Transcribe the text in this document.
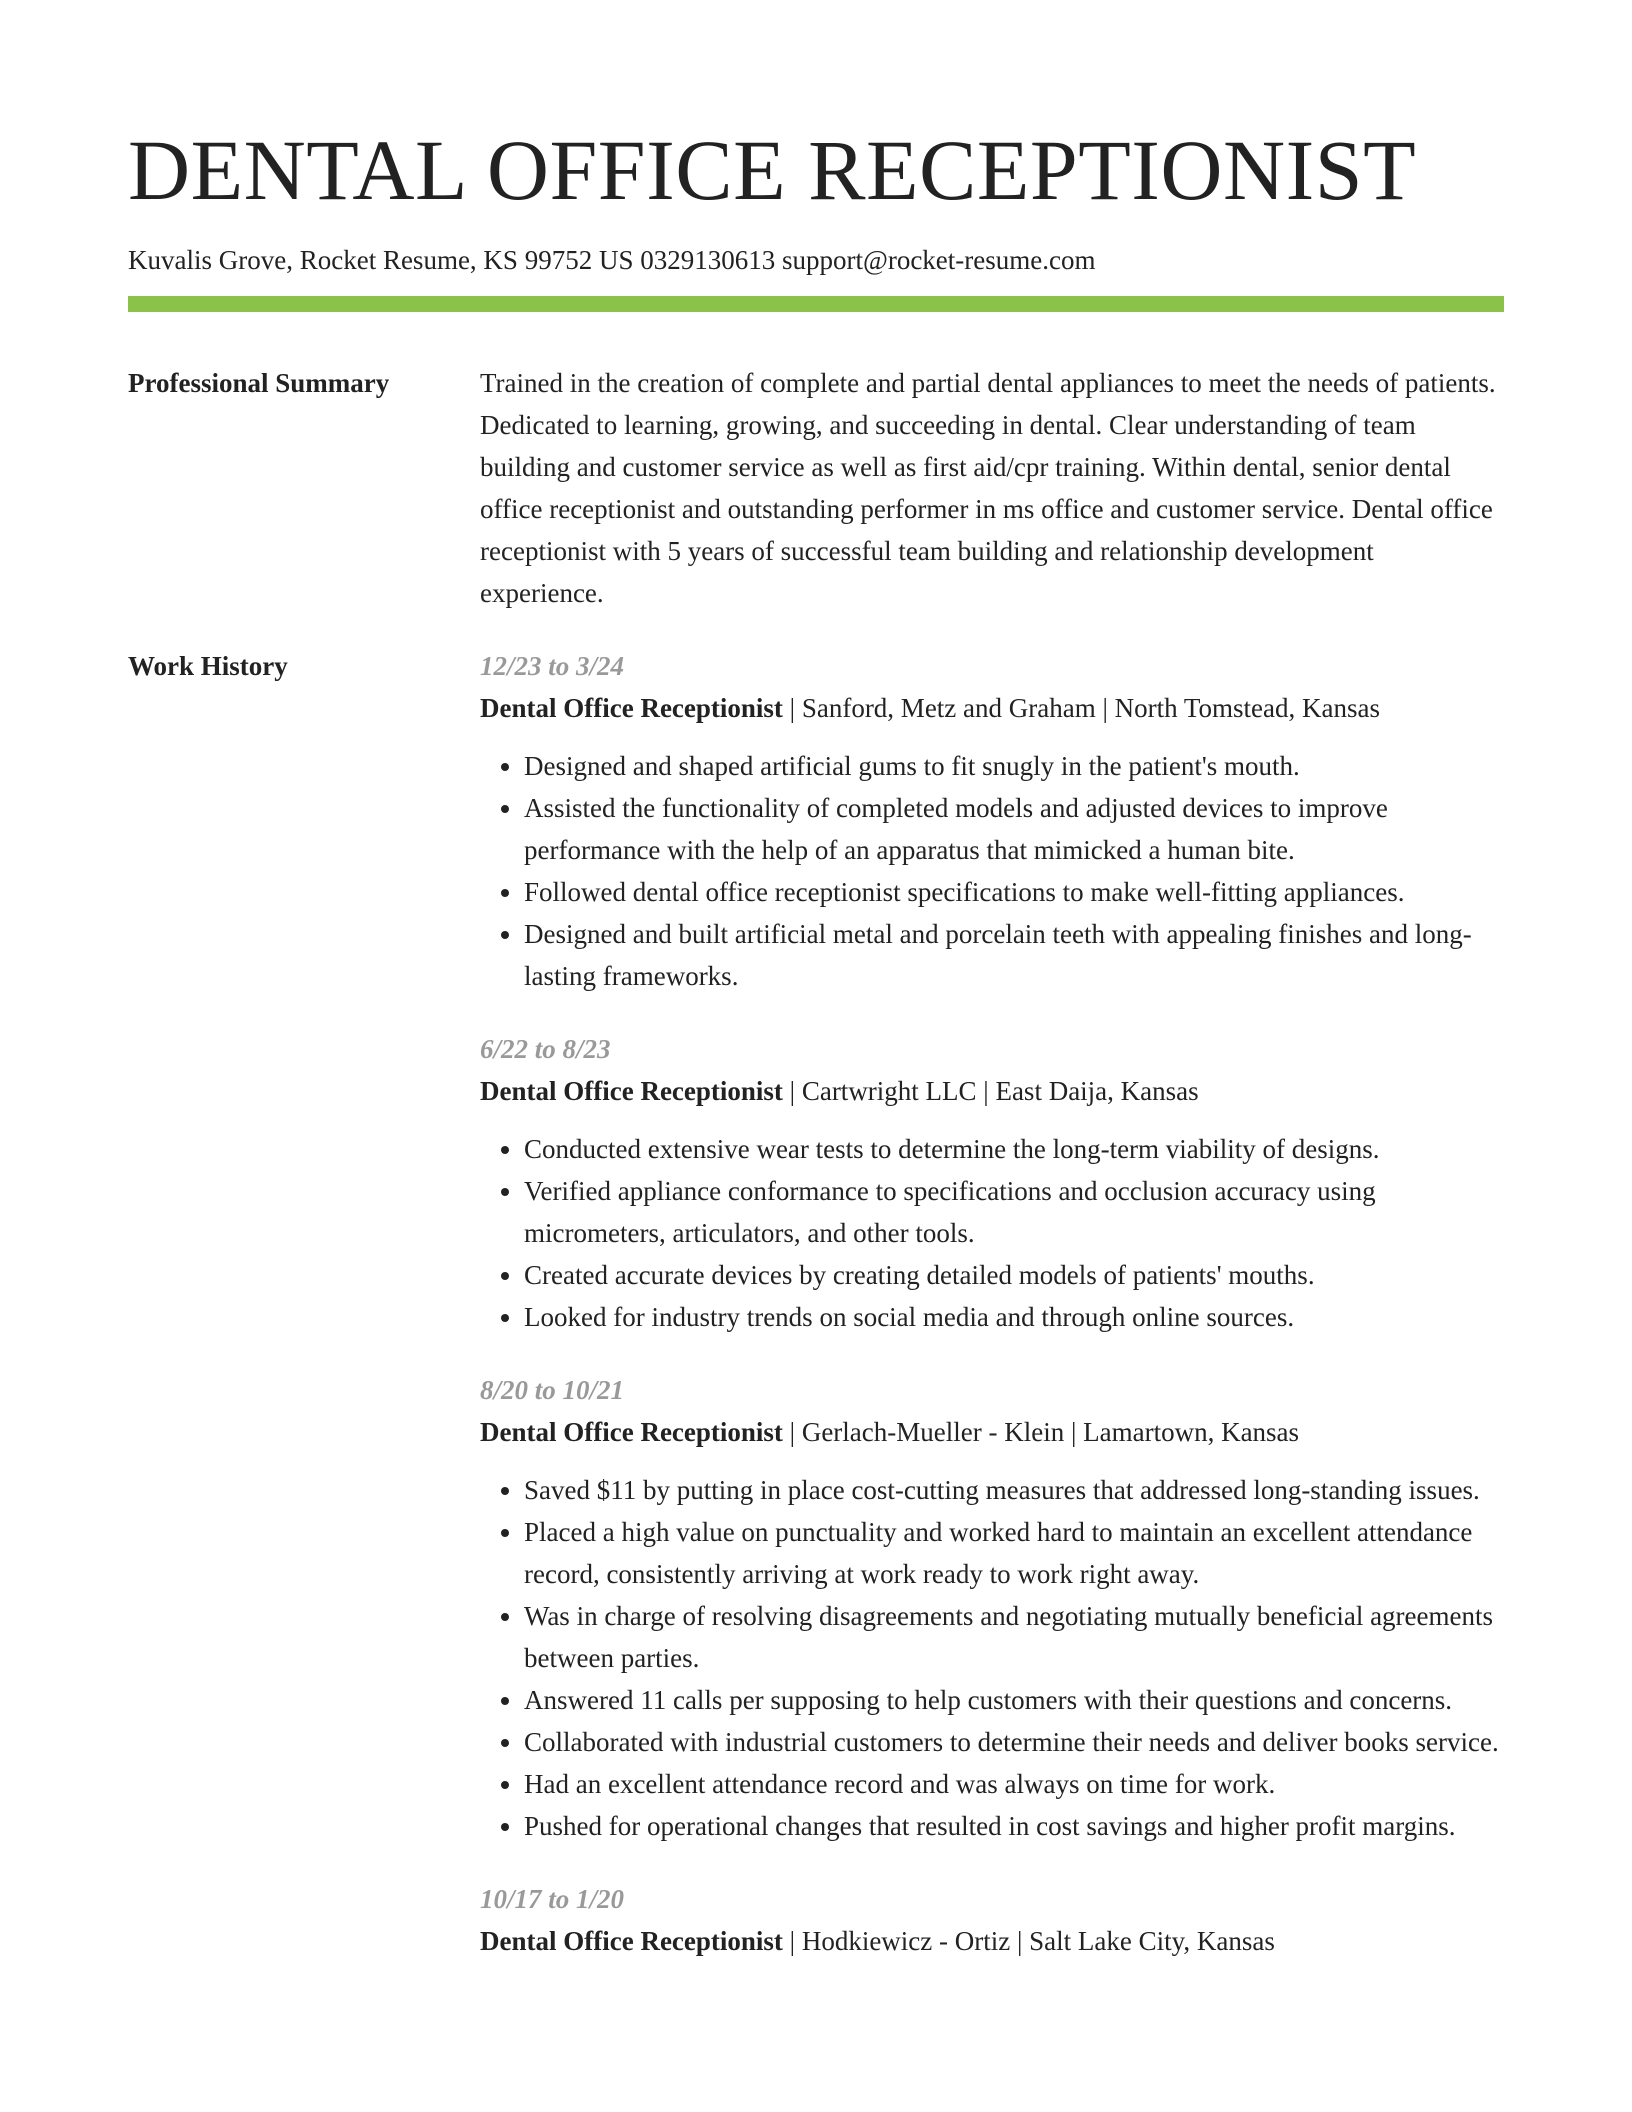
DENTAL OFFICE RECEPTIONIST
Kuvalis Grove, Rocket Resume, KS 99752 US 0329130613 support@rocket-resume.com
Professional Summary	Trained in the creation of complete and partial dental appliances to meet the needs of patients. Dedicated to learning, growing, and succeeding in dental. Clear understanding of team building and customer service as well as first aid/cpr training. Within dental, senior dental office receptionist and outstanding performer in ms office and customer service. Dental office receptionist with 5 years of successful team building and relationship development experience.

Work History	12/23 to 3/24
Dental Office Receptionist | Sanford, Metz and Graham | North Tomstead, Kansas
• Designed and shaped artificial gums to fit snugly in the patient's mouth.
• Assisted the functionality of completed models and adjusted devices to improve performance with the help of an apparatus that mimicked a human bite.
• Followed dental office receptionist specifications to make well-fitting appliances.
• Designed and built artificial metal and porcelain teeth with appealing finishes and long-lasting frameworks.
6/22 to 8/23
Dental Office Receptionist | Cartwright LLC | East Daija, Kansas
• Conducted extensive wear tests to determine the long-term viability of designs.
• Verified appliance conformance to specifications and occlusion accuracy using micrometers, articulators, and other tools.
• Created accurate devices by creating detailed models of patients' mouths.
• Looked for industry trends on social media and through online sources.
8/20 to 10/21
Dental Office Receptionist | Gerlach-Mueller - Klein | Lamartown, Kansas
• Saved $11 by putting in place cost-cutting measures that addressed long-standing issues.
• Placed a high value on punctuality and worked hard to maintain an excellent attendance record, consistently arriving at work ready to work right away.
• Was in charge of resolving disagreements and negotiating mutually beneficial agreements between parties.
• Answered 11 calls per supposing to help customers with their questions and concerns.
• Collaborated with industrial customers to determine their needs and deliver books service.
• Had an excellent attendance record and was always on time for work.
• Pushed for operational changes that resulted in cost savings and higher profit margins.
10/17 to 1/20
Dental Office Receptionist | Hodkiewicz - Ortiz | Salt Lake City, Kansas
